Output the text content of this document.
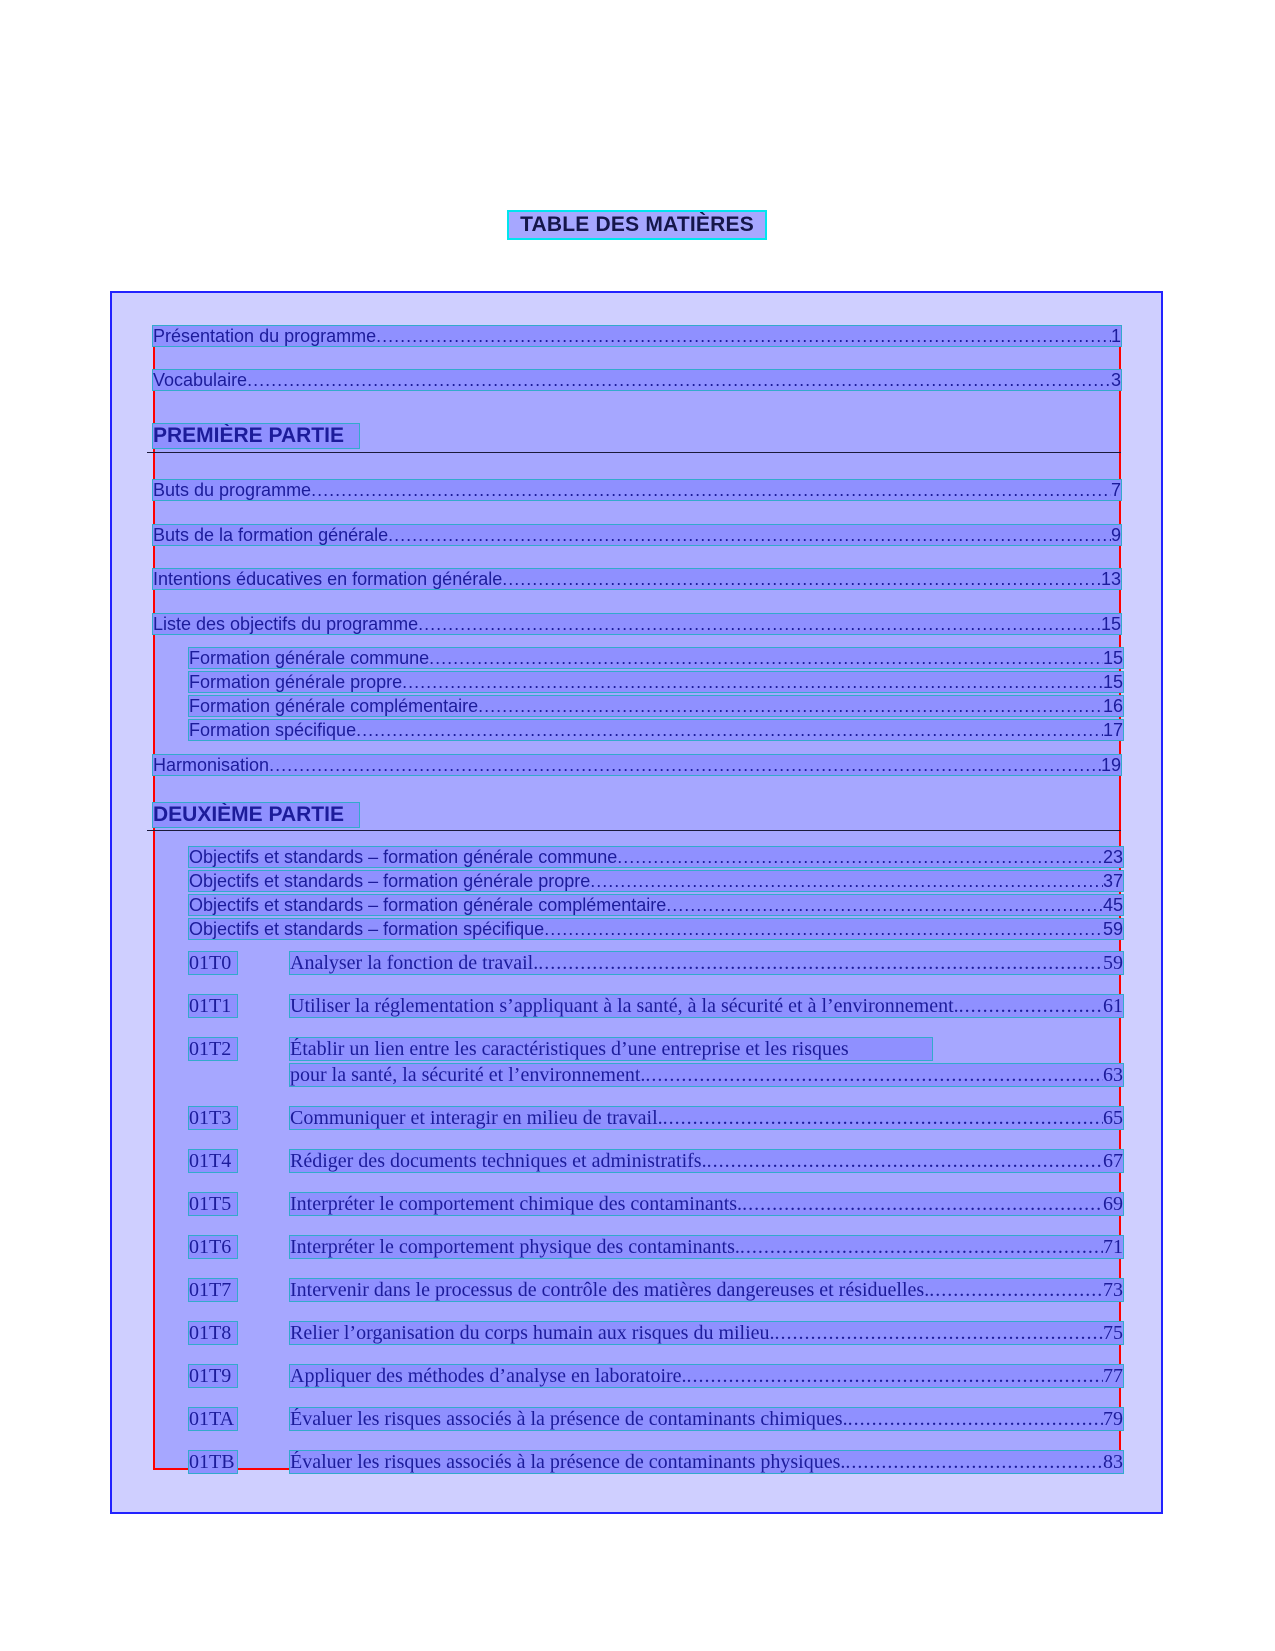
TABLE DES MATIÈRES
Présentation du programme .....	1
Vocabulaire .....	3
PREMIÈRE PARTIE
Buts du programme .....	7
Buts de la formation générale .....	9
Intentions éducatives en formation générale .....	13
Liste des objectifs du programme .....	15
Formation générale commune .....	15
Formation générale propre .....	15
Formation générale complémentaire .....	16
Formation spécifique .....	17
Harmonisation .....	19
DEUXIÈME PARTIE
Objectifs et standards – formation générale commune .....	23
Objectifs et standards – formation générale propre .....	37
Objectifs et standards – formation générale complémentaire .....	45
Objectifs et standards – formation spécifique .....	59
01T0	Analyser la fonction de travail. .....	59
01T1	Utiliser la réglementation s’appliquant à la santé, à la sécurité et à l’environnement. .....	61
01T2	Établir un lien entre les caractéristiques d’une entreprise et les risques
pour la santé, la sécurité et l’environnement. .....	63
01T3	Communiquer et interagir en milieu de travail. .....	65
01T4	Rédiger des documents techniques et administratifs. .....	67
01T5	Interpréter le comportement chimique des contaminants. .....	69
01T6	Interpréter le comportement physique des contaminants. .....	71
01T7	Intervenir dans le processus de contrôle des matières dangereuses et résiduelles. .....	73
01T8	Relier l’organisation du corps humain aux risques du milieu. .....	75
01T9	Appliquer des méthodes d’analyse en laboratoire. .....	77
01TA	Évaluer les risques associés à la présence de contaminants chimiques. .....	79
01TB	Évaluer les risques associés à la présence de contaminants physiques. .....	83
